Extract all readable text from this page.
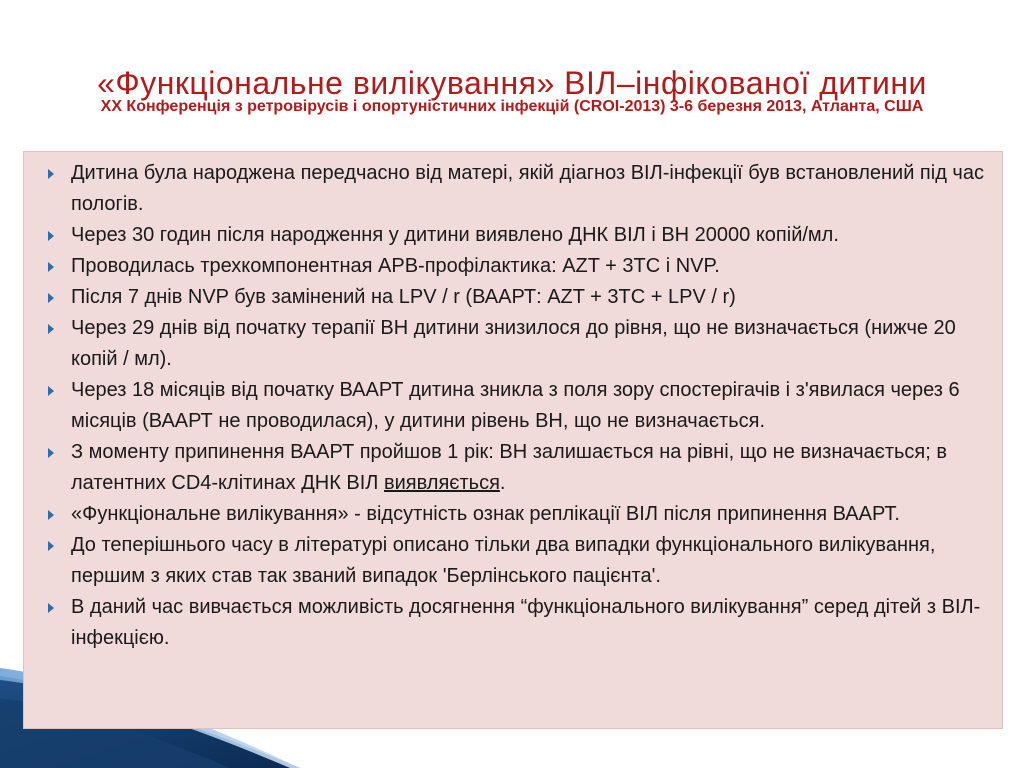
«Функціональне вилікування» ВІЛ–інфікованої дитини
XX Конференція з ретровірусів і опортуністичних інфекцій (CROI-2013) 3-6 березня 2013, Атланта, США
Дитина була народжена передчасно від матері, якій діагноз ВІЛ-інфекції був встановлений під час пологів.
Через 30 годин після народження у дитини виявлено ДНК ВІЛ і ВН 20000 копій/мл.
Проводилась трехкомпонентная АРВ-профілактика: AZT + 3TC і NVP.
Після 7 днів NVP був замінений на LPV / r (ВААРТ: AZT + 3TC + LPV / r)
Через 29 днів від початку терапії ВН дитини знизилося до рівня, що не визначається (нижче 20 копій / мл).
Через 18 місяців від початку ВААРТ дитина зникла з поля зору спостерігачів і з'явилася через 6 місяців (ВААРТ не проводилася), у дитини рівень ВН, що не визначається.
З моменту припинення ВААРТ пройшов 1 рік: ВН залишається на рівні, що не визначається; в латентних CD4-клітинах ДНК ВІЛ виявляється.
«Функціональне вилікування» - відсутність ознак реплікації ВІЛ після припинення ВААРТ.
До теперішнього часу в літературі описано тільки два випадки функціонального вилікування, першим з яких став так званий випадок 'Берлінського пацієнта'.
В даний час вивчається можливість досягнення “функціонального вилікування” серед дітей з ВІЛ-інфекцією.
